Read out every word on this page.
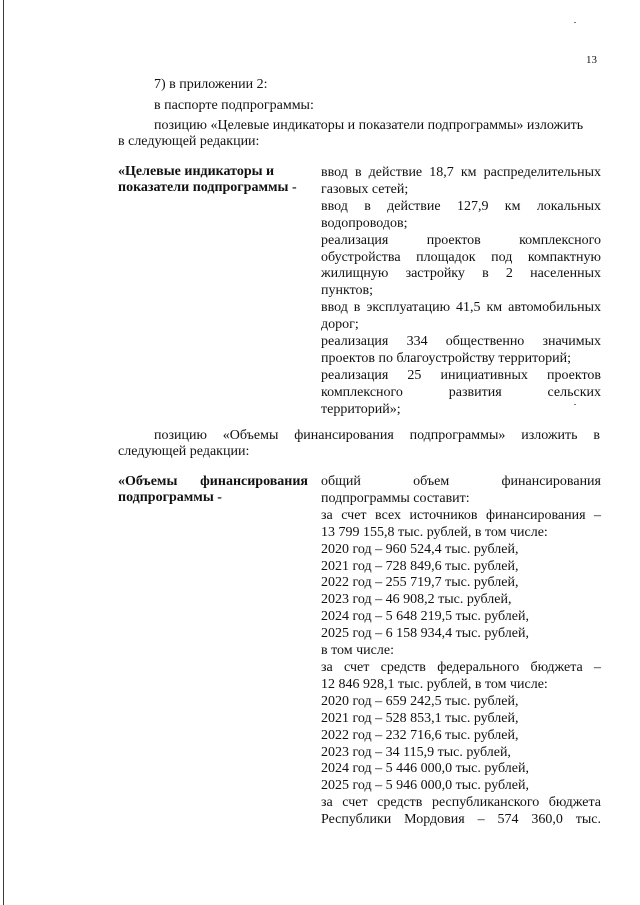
13
7) в приложении 2:
в паспорте подпрограммы:
позицию «Целевые индикаторы и показатели подпрограммы» изложить
в следующей редакции:
«Целевые индикаторы и
показатели подпрограммы -
ввод в действие 18,7 км распределительных
газовых сетей;
ввод в действие 127,9 км локальных
водопроводов;
реализация проектов комплексного
обустройства площадок под компактную
жилищную застройку в 2 населенных
пунктов;
ввод в эксплуатацию 41,5 км автомобильных
дорог;
реализация 334 общественно значимых
проектов по благоустройству территорий;
реализация 25 инициативных проектов
комплексного развития сельских
территорий»;
позицию «Объемы финансирования подпрограммы» изложить в
следующей редакции:
«Объемы финансирования
подпрограммы -
общий объем финансирования
подпрограммы составит:
за счет всех источников финансирования –
13 799 155,8 тыс. рублей, в том числе:
2020 год – 960 524,4 тыс. рублей,
2021 год – 728 849,6 тыс. рублей,
2022 год – 255 719,7 тыс. рублей,
2023 год – 46 908,2 тыс. рублей,
2024 год – 5 648 219,5 тыс. рублей,
2025 год – 6 158 934,4 тыс. рублей,
в том числе:
за счет средств федерального бюджета –
12 846 928,1 тыс. рублей, в том числе:
2020 год – 659 242,5 тыс. рублей,
2021 год – 528 853,1 тыс. рублей,
2022 год – 232 716,6 тыс. рублей,
2023 год – 34 115,9 тыс. рублей,
2024 год – 5 446 000,0 тыс. рублей,
2025 год – 5 946 000,0 тыс. рублей,
за счет средств республиканского бюджета
Республики Мордовия – 574 360,0 тыс.
